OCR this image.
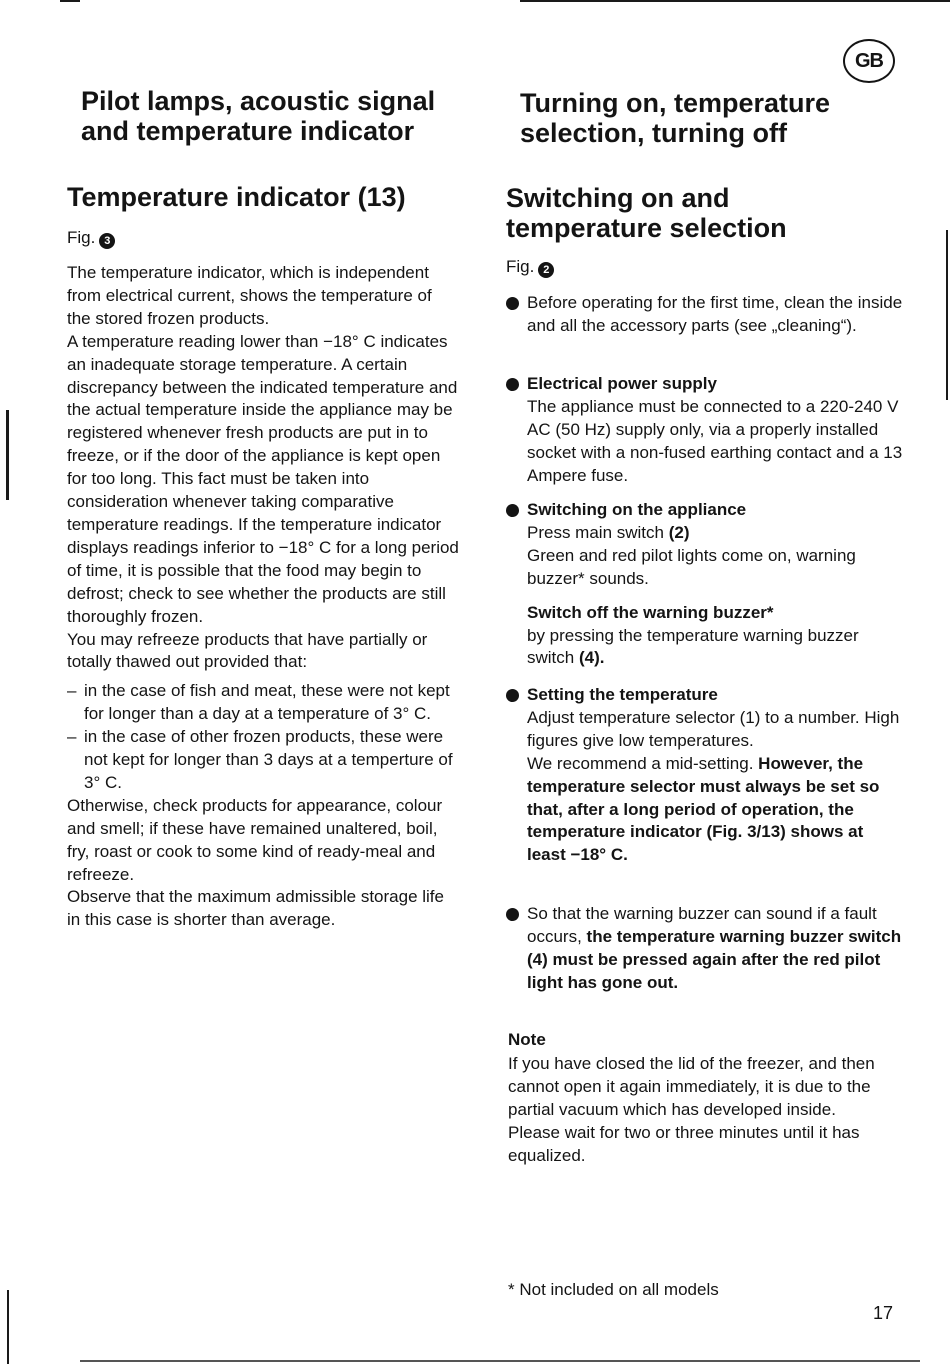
GB
Pilot lamps, acoustic signal
and temperature indicator
Temperature indicator (13)
Fig. 3

The temperature indicator, which is independent from electrical current, shows the temperature of the stored frozen products.

A temperature reading lower than −18° C indicates an inadequate storage temperature. A certain discrepancy between the indicated temperature and the actual temperature inside the appliance may be registered whenever fresh products are put in to freeze, or if the door of the appliance is kept open for too long. This fact must be taken into consideration whenever taking comparative temperature readings. If the temperature indicator displays readings inferior to −18° C for a long period of time, it is possible that the food may begin to defrost; check to see whether the products are still thoroughly frozen.

You may refreeze products that have partially or totally thawed out provided that:

– in the case of fish and meat, these were not kept for longer than a day at a temperature of 3° C.
– in the case of other frozen products, these were not kept for longer than 3 days at a temperture of 3° C.

Otherwise, check products for appearance, colour and smell; if these have remained unaltered, boil, fry, roast or cook to some kind of ready-meal and refreeze.

Observe that the maximum admissible storage life in this case is shorter than average.

Turning on, temperature
selection, turning off
Switching on and
temperature selection
Fig. 2
Before operating for the first time, clean the inside and all the accessory parts (see „cleaning“).
Electrical power supply
The appliance must be connected to a 220-240 V AC (50 Hz) supply only, via a properly installed socket with a non-fused earthing contact and a 13 Ampere fuse.
Switching on the appliance
Press main switch (2)
Green and red pilot lights come on, warning buzzer* sounds.
Switch off the warning buzzer*
by pressing the temperature warning buzzer switch (4).
Setting the temperature
Adjust temperature selector (1) to a number. High figures give low temperatures.
We recommend a mid-setting. However, the temperature selector must always be set so that, after a long period of operation, the temperature indicator (Fig. 3/13) shows at least −18° C.
So that the warning buzzer can sound if a fault occurs, the temperature warning buzzer switch (4) must be pressed again after the red pilot light has gone out.
Note
If you have closed the lid of the freezer, and then cannot open it again immediately, it is due to the partial vacuum which has developed inside. Please wait for two or three minutes until it has equalized.
* Not included on all models
17
